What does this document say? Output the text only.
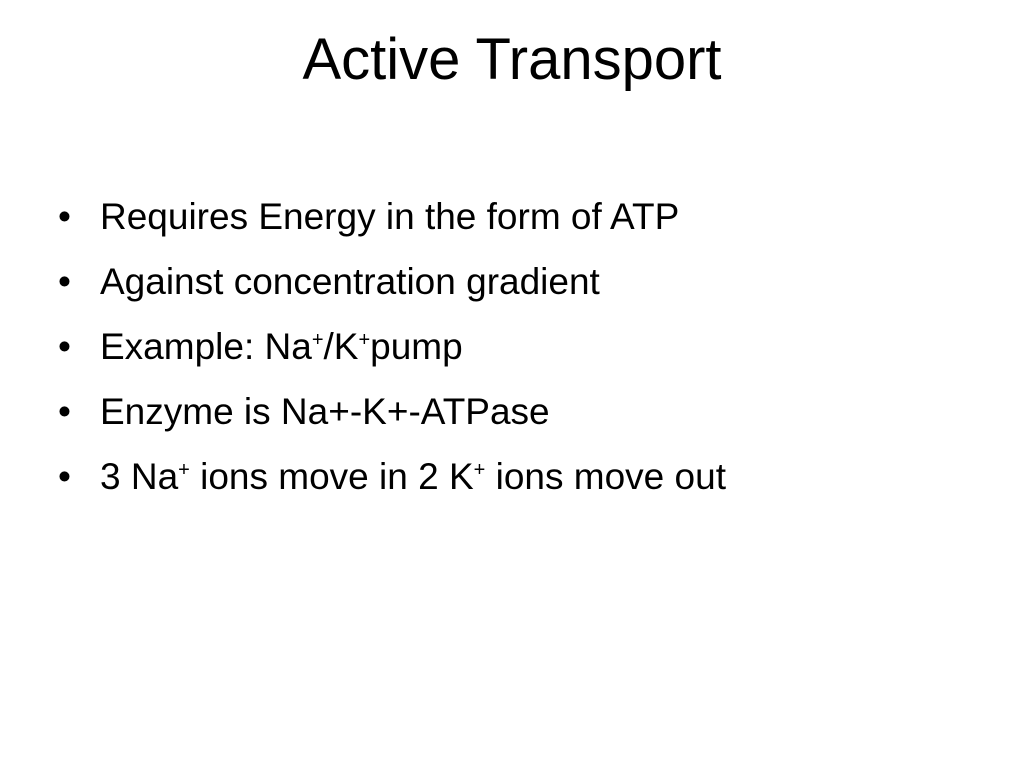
Active Transport
• Requires Energy in the form of ATP
• Against concentration gradient
• Example: Na+/K+pump
• Enzyme is Na+-K+-ATPase
• 3 Na+ ions move in 2 K+ ions move out
